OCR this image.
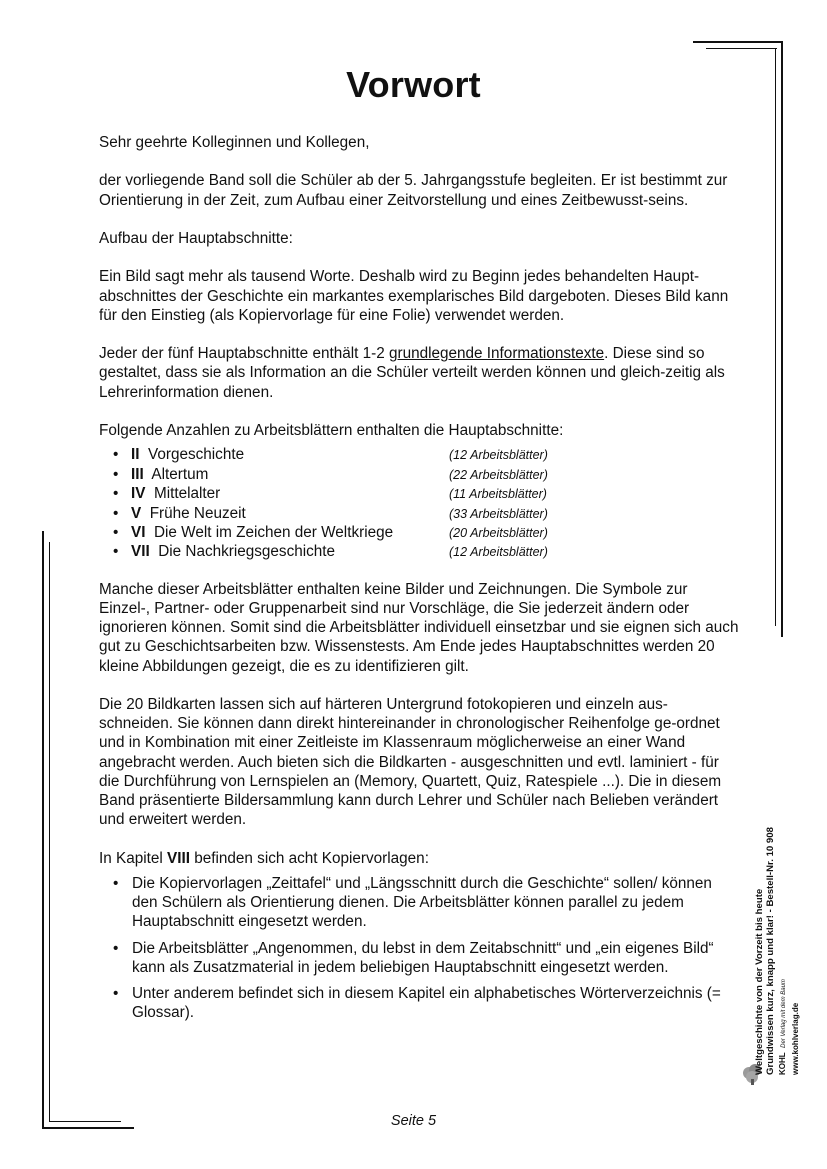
Vorwort

Sehr geehrte Kolleginnen und Kollegen,

der vorliegende Band soll die Schüler ab der 5. Jahrgangsstufe begleiten. Er ist bestimmt zur Orientierung in der Zeit, zum Aufbau einer Zeitvorstellung und eines Zeitbewusst-seins.

Aufbau der Hauptabschnitte:

Ein Bild sagt mehr als tausend Worte. Deshalb wird zu Beginn jedes behandelten Haupt-abschnittes der Geschichte ein markantes exemplarisches Bild dargeboten. Dieses Bild kann für den Einstieg (als Kopiervorlage für eine Folie) verwendet werden.

Jeder der fünf Hauptabschnitte enthält 1-2 grundlegende Informationstexte. Diese sind so gestaltet, dass sie als Information an die Schüler verteilt werden können und gleich-zeitig als Lehrerinformation dienen.

Folgende Anzahlen zu Arbeitsblättern enthalten die Hauptabschnitte:

• II Vorgeschichte	(12 Arbeitsblätter)
• III Altertum	(22 Arbeitsblätter)
• IV Mittelalter	(11 Arbeitsblätter)
• V Frühe Neuzeit	(33 Arbeitsblätter)
• VI Die Welt im Zeichen der Weltkriege	(20 Arbeitsblätter)
• VII Die Nachkriegsgeschichte	(12 Arbeitsblätter)

Manche dieser Arbeitsblätter enthalten keine Bilder und Zeichnungen. Die Symbole zur Einzel-, Partner- oder Gruppenarbeit sind nur Vorschläge, die Sie jederzeit ändern oder ignorieren können. Somit sind die Arbeitsblätter individuell einsetzbar und sie eignen sich auch gut zu Geschichtsarbeiten bzw. Wissenstests. Am Ende jedes Hauptabschnittes werden 20 kleine Abbildungen gezeigt, die es zu identifizieren gilt.

Die 20 Bildkarten lassen sich auf härteren Untergrund fotokopieren und einzeln aus-schneiden. Sie können dann direkt hintereinander in chronologischer Reihenfolge ge-ordnet und in Kombination mit einer Zeitleiste im Klassenraum möglicherweise an einer Wand angebracht werden. Auch bieten sich die Bildkarten - ausgeschnitten und evtl. laminiert - für die Durchführung von Lernspielen an (Memory, Quartett, Quiz, Ratespiele ...). Die in diesem Band präsentierte Bildersammlung kann durch Lehrer und Schüler nach Belieben verändert und erweitert werden.

In Kapitel VIII befinden sich acht Kopiervorlagen:

• Die Kopiervorlagen „Zeittafel“ und „Längsschnitt durch die Geschichte“ sollen/ können den Schülern als Orientierung dienen. Die Arbeitsblätter können parallel zu jedem Hauptabschnitt eingesetzt werden.
• Die Arbeitsblätter „Angenommen, du lebst in dem Zeitabschnitt“ und „ein eigenes Bild“ kann als Zusatzmaterial in jedem beliebigen Hauptabschnitt eingesetzt werden.
• Unter anderem befindet sich in diesem Kapitel ein alphabetisches Wörterverzeichnis (= Glossar).	Weltgeschichte von der Vorzeit bis heute Grundwissen kurz, knapp und klar! - Bestell-Nr. 10 908 KOHL  Der Verlag mit dem Baum www.kohlverlag.de
Seite 5
